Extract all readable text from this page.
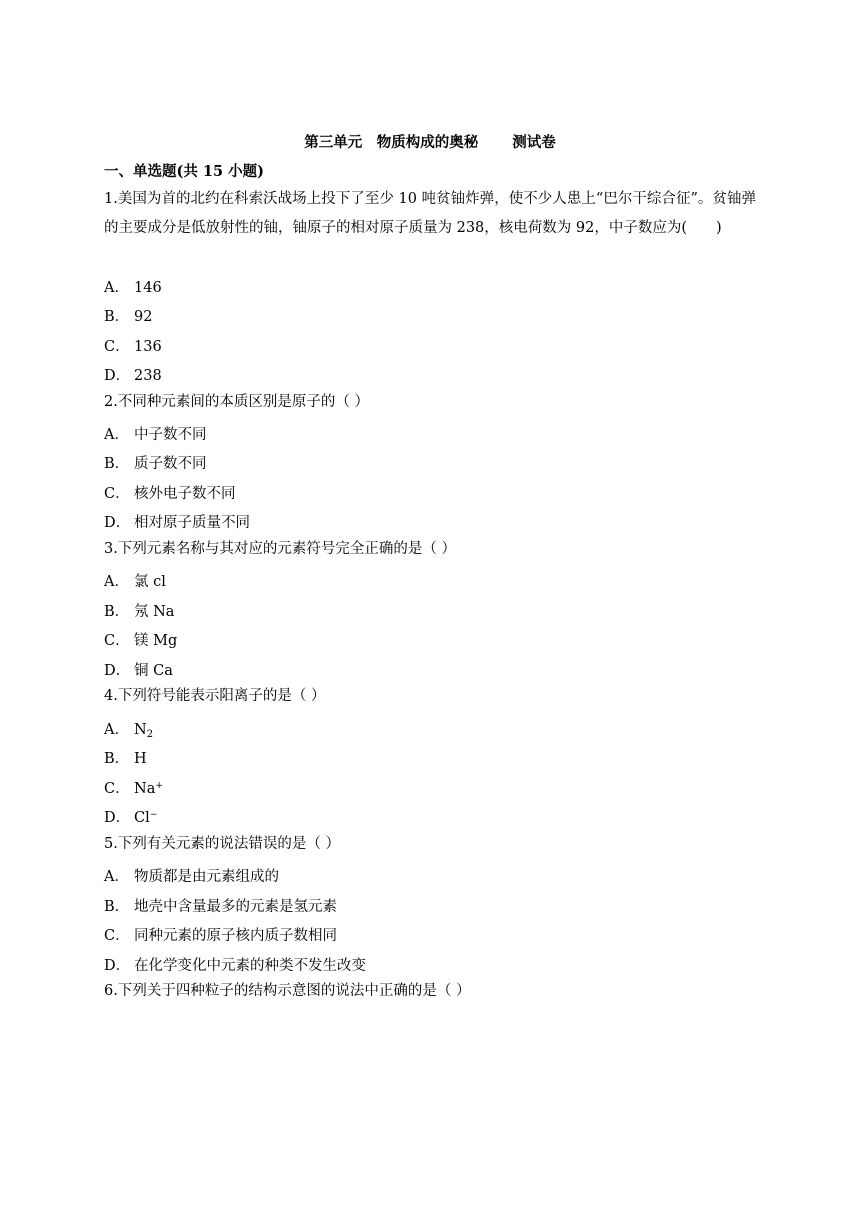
第三单元　物质构成的奥秘　　 测试卷
一、单选题(共 15 小题)
1.美国为首的北约在科索沃战场上投下了至少 10 吨贫铀炸弹，使不少人患上“巴尔干综合征”。贫铀弹的主要成分是低放射性的铀，铀原子的相对原子质量为 238，核电荷数为 92，中子数应为(　　)
A． 146
B． 92
C． 136
D． 238
2.不同种元素间的本质区别是原子的（ ）
A． 中子数不同
B． 质子数不同
C． 核外电子数不同
D． 相对原子质量不同
3.下列元素名称与其对应的元素符号完全正确的是（ ）
A． 氯 cl
B． 氖 Na
C． 镁 Mg
D． 铜 Ca
4.下列符号能表示阳离子的是（ ）
A． $N_2$
B． H
C． Na+
D． Cl−
5.下列有关元素的说法错误的是（ ）
A． 物质都是由元素组成的
B． 地壳中含量最多的元素是氢元素
C． 同种元素的原子核内质子数相同
D． 在化学变化中元素的种类不发生改变
6.下列关于四种粒子的结构示意图的说法中正确的是（ ）
